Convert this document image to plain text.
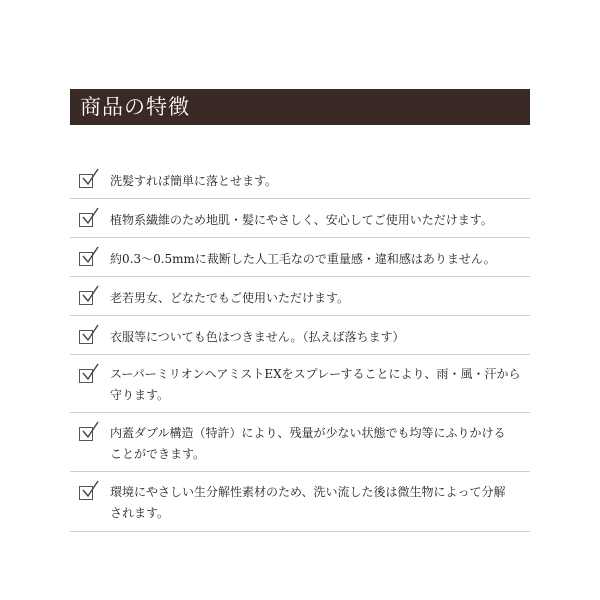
商品の特徴
洗髪すれば簡単に落とせます。
植物系繊維のため地肌・髪にやさしく、安心してご使用いただけます。
約0.3～0.5mmに裁断した人工毛なので重量感・違和感はありません。
老若男女、どなたでもご使用いただけます。
衣服等についても色はつきません。（払えば落ちます）
スーパーミリオンヘアミストEXをスプレーすることにより、雨・風・汗から
守ります。
内蓋ダブル構造（特許）により、残量が少ない状態でも均等にふりかける
ことができます。
環境にやさしい生分解性素材のため、洗い流した後は微生物によって分解
されます。
